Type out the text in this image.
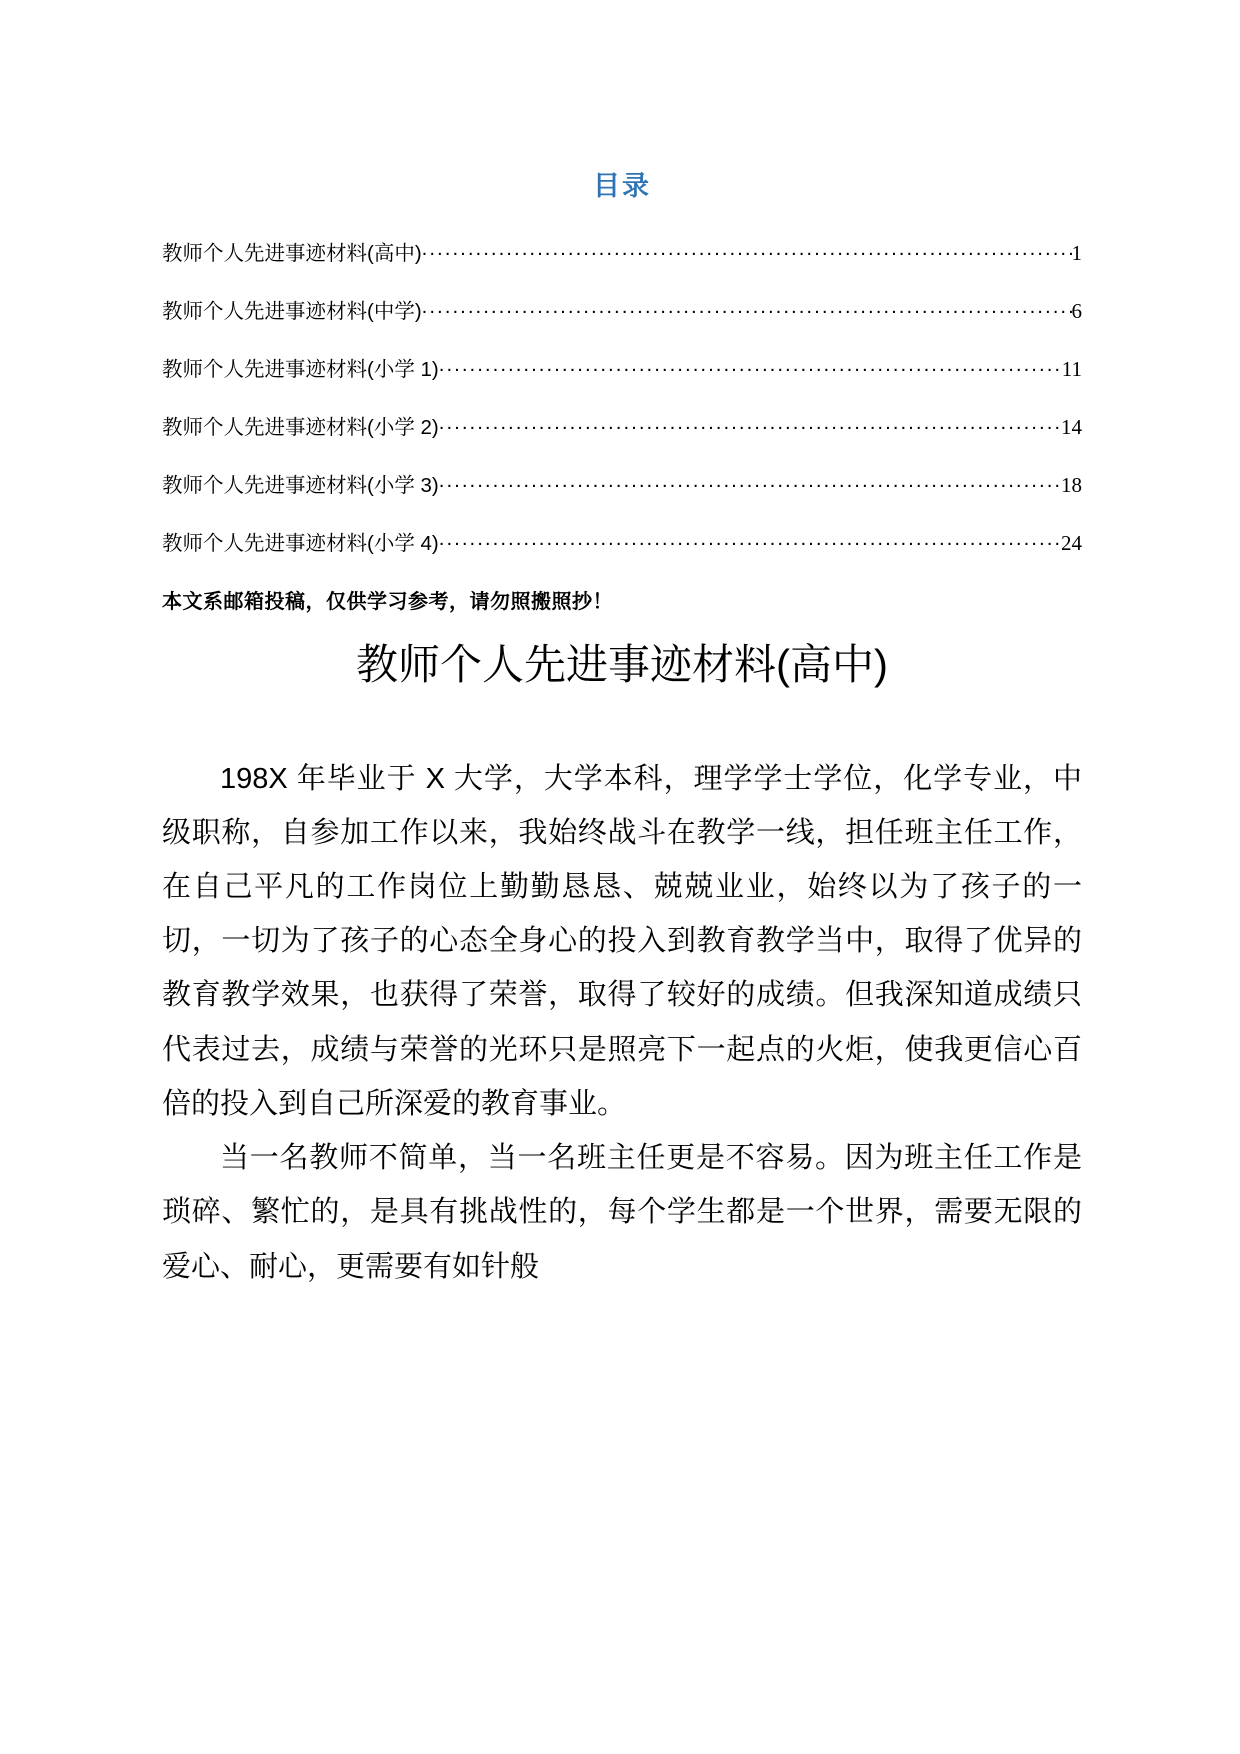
目录
教师个人先进事迹材料(高中) .....	1
教师个人先进事迹材料(中学) .....	6
教师个人先进事迹材料(小学 1) .....	11
教师个人先进事迹材料(小学 2) .....	14
教师个人先进事迹材料(小学 3) .....	18
教师个人先进事迹材料(小学 4) .....	24

本文系邮箱投稿，仅供学习参考，请勿照搬照抄！

教师个人先进事迹材料(高中)

198X 年毕业于 X 大学，大学本科，理学学士学位，化学专业，中级职称，自参加工作以来，我始终战斗在教学一线，担任班主任工作，在自己平凡的工作岗位上勤勤恳恳、兢兢业业，始终以为了孩子的一切，一切为了孩子的心态全身心的投入到教育教学当中，取得了优异的教育教学效果，也获得了荣誉，取得了较好的成绩。但我深知道成绩只代表过去，成绩与荣誉的光环只是照亮下一起点的火炬，使我更信心百倍的投入到自己所深爱的教育事业。

当一名教师不简单，当一名班主任更是不容易。因为班主任工作是琐碎、繁忙的，是具有挑战性的，每个学生都是一个世界，需要无限的爱心、耐心，更需要有如针般
